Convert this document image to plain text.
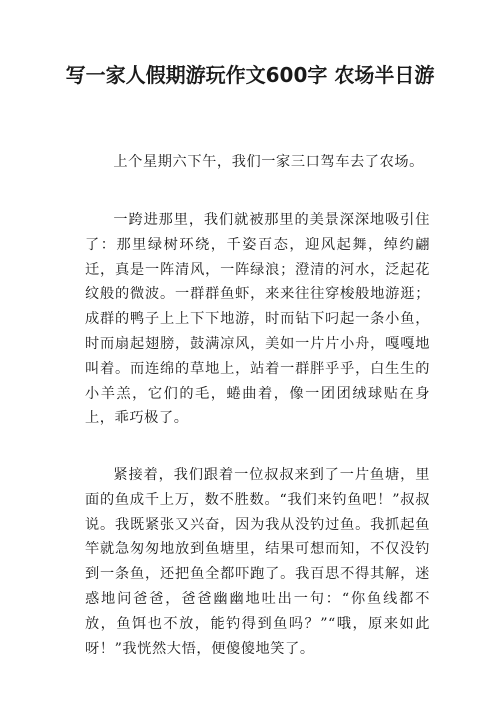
写一家人假期游玩作文600字 农场半日游

上个星期六下午，我们一家三口驾车去了农场。

一跨进那里，我们就被那里的美景深深地吸引住了：那里绿树环绕，千姿百态，迎风起舞，绰约翩迁，真是一阵清风，一阵绿浪；澄清的河水，泛起花纹般的微波。一群群鱼虾，来来往往穿梭般地游逛；成群的鸭子上上下下地游，时而钻下叼起一条小鱼，时而扇起翅膀，鼓满凉风，美如一片片小舟，嘎嘎地叫着。而连绵的草地上，站着一群胖乎乎，白生生的小羊羔，它们的毛，蜷曲着，像一团团绒球贴在身上，乖巧极了。

紧接着，我们跟着一位叔叔来到了一片鱼塘，里面的鱼成千上万，数不胜数。“我们来钓鱼吧！”叔叔说。我既紧张又兴奋，因为我从没钓过鱼。我抓起鱼竿就急匆匆地放到鱼塘里，结果可想而知，不仅没钓到一条鱼，还把鱼全都吓跑了。我百思不得其解，迷惑地问爸爸，爸爸幽幽地吐出一句：“你鱼线都不放，鱼饵也不放，能钓得到鱼吗？”“哦，原来如此呀！”我恍然大悟，便傻傻地笑了。
